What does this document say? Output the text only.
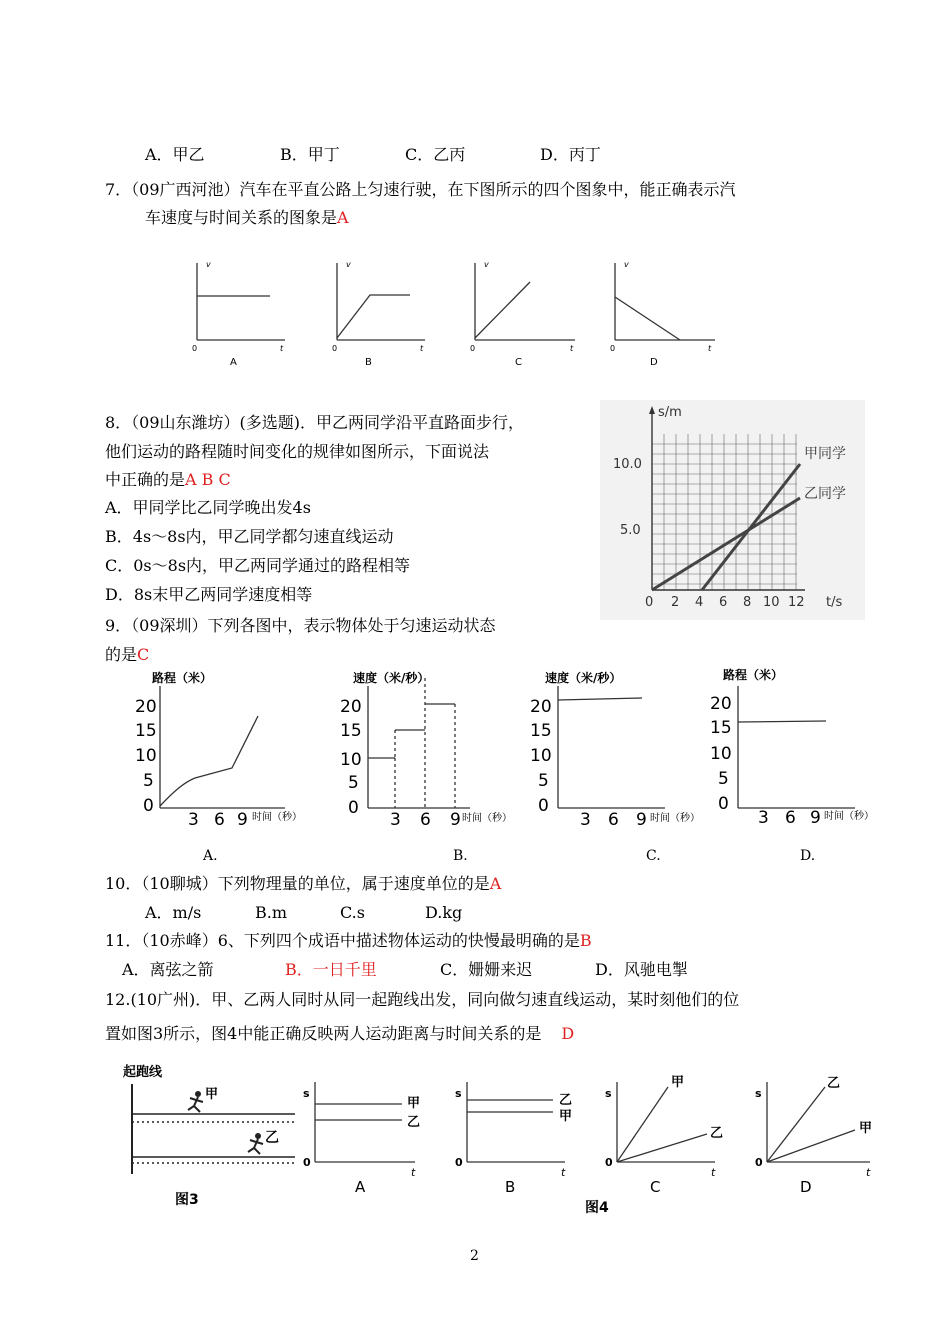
A．甲乙	B．甲丁	C．乙丙	D．丙丁
7．（09广西河池）汽车在平直公路上匀速行驶，在下图所示的四个图象中，能正确表示汽
车速度与时间关系的图象是A
v
t
0
A
v
t
0
B
v
t
0
C
v
t
0
D
8．（09山东潍坊）(多选题)．甲乙两同学沿平直路面步行，
他们运动的路程随时间变化的规律如图所示，下面说法
中正确的是A B C
A．甲同学比乙同学晚出发4s
B．4s～8s内，甲乙同学都匀速直线运动
C．0s～8s内，甲乙两同学通过的路程相等
D．8s末甲乙两同学速度相等
s/m
t/s
10.0
5.0
0 2 4 6 8 10 12
甲同学
乙同学
9．（09深圳）下列各图中，表示物体处于匀速运动状态
的是C
路程（米）
20
15
10
5
0
3 6 9 时间（秒）
速度（米/秒）
20
15
10
5
0
3 6 9 时间（秒）
速度（米/秒）
20
15
10
5
0
3 6 9 时间（秒）
路程（米）
20
15
10
5
0
3 6 9 时间（秒）
A.	B.	C.	D.
10．（10聊城）下列物理量的单位，属于速度单位的是A
A．m/s	B.m	C.s	D.kg
11．（10赤峰）6、下列四个成语中描述物体运动的快慢最明确的是B
A．离弦之箭	B．一日千里	C．姗姗来迟	D．风驰电掣
12.(10广州)．甲、乙两人同时从同一起跑线出发，同向做匀速直线运动，某时刻他们的位
置如图3所示，图4中能正确反映两人运动距离与时间关系的是 D
起跑线
甲
乙
图3
s
t
0
甲
乙
A
s
t
0
乙
甲
B
s
t
0
甲
乙
C
图4
s
t
0
乙
甲
D
2
